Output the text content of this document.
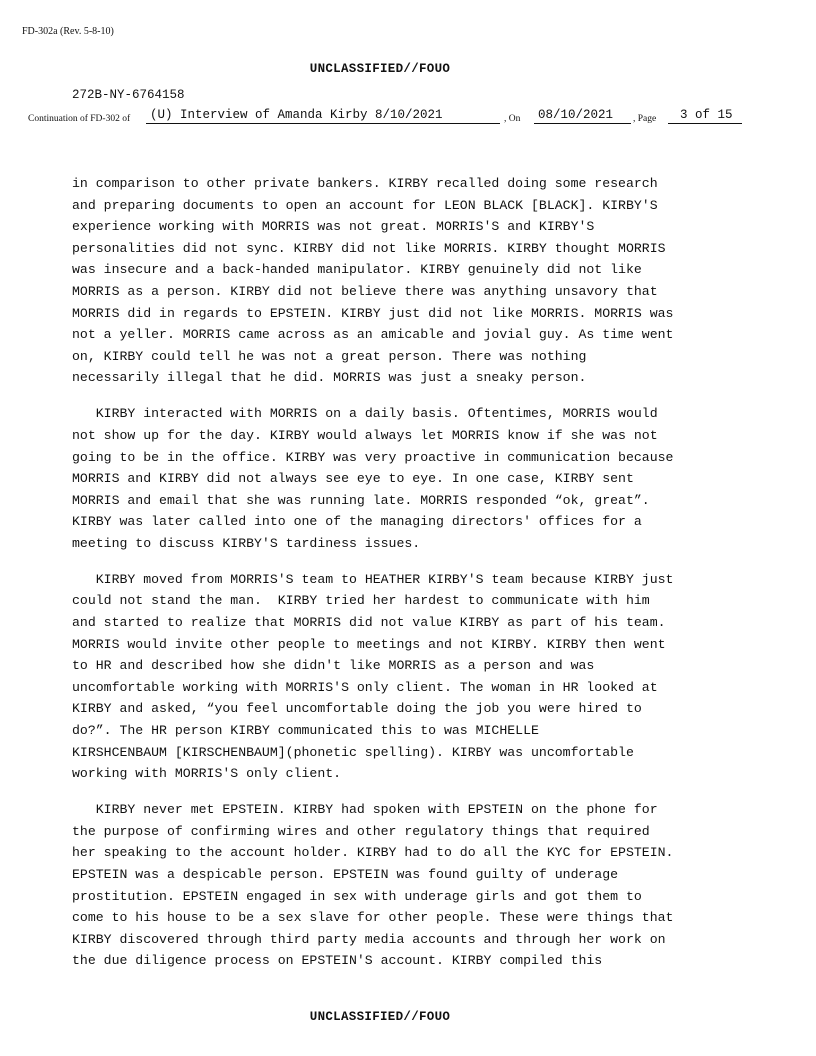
FD-302a (Rev. 5-8-10)
UNCLASSIFIED//FOUO
272B-NY-6764158
Continuation of FD-302 of	(U) Interview of Amanda Kirby 8/10/2021	, On	08/10/2021	, Page	3 of 15

in comparison to other private bankers. KIRBY recalled doing some research
and preparing documents to open an account for LEON BLACK [BLACK]. KIRBY'S
experience working with MORRIS was not great. MORRIS'S and KIRBY'S
personalities did not sync. KIRBY did not like MORRIS. KIRBY thought MORRIS
was insecure and a back-handed manipulator. KIRBY genuinely did not like
MORRIS as a person. KIRBY did not believe there was anything unsavory that
MORRIS did in regards to EPSTEIN. KIRBY just did not like MORRIS. MORRIS was
not a yeller. MORRIS came across as an amicable and jovial guy. As time went
on, KIRBY could tell he was not a great person. There was nothing
necessarily illegal that he did. MORRIS was just a sneaky person.

KIRBY interacted with MORRIS on a daily basis. Oftentimes, MORRIS would
not show up for the day. KIRBY would always let MORRIS know if she was not
going to be in the office. KIRBY was very proactive in communication because
MORRIS and KIRBY did not always see eye to eye. In one case, KIRBY sent
MORRIS and email that she was running late. MORRIS responded “ok, great”.
KIRBY was later called into one of the managing directors' offices for a
meeting to discuss KIRBY'S tardiness issues.

KIRBY moved from MORRIS'S team to HEATHER KIRBY'S team because KIRBY just
could not stand the man.  KIRBY tried her hardest to communicate with him
and started to realize that MORRIS did not value KIRBY as part of his team.
MORRIS would invite other people to meetings and not KIRBY. KIRBY then went
to HR and described how she didn't like MORRIS as a person and was
uncomfortable working with MORRIS'S only client. The woman in HR looked at
KIRBY and asked, “you feel uncomfortable doing the job you were hired to
do?”. The HR person KIRBY communicated this to was MICHELLE
KIRSHCENBAUM [KIRSCHENBAUM](phonetic spelling). KIRBY was uncomfortable
working with MORRIS'S only client.

KIRBY never met EPSTEIN. KIRBY had spoken with EPSTEIN on the phone for
the purpose of confirming wires and other regulatory things that required
her speaking to the account holder. KIRBY had to do all the KYC for EPSTEIN.
EPSTEIN was a despicable person. EPSTEIN was found guilty of underage
prostitution. EPSTEIN engaged in sex with underage girls and got them to
come to his house to be a sex slave for other people. These were things that
KIRBY discovered through third party media accounts and through her work on
the due diligence process on EPSTEIN'S account. KIRBY compiled this

UNCLASSIFIED//FOUO
